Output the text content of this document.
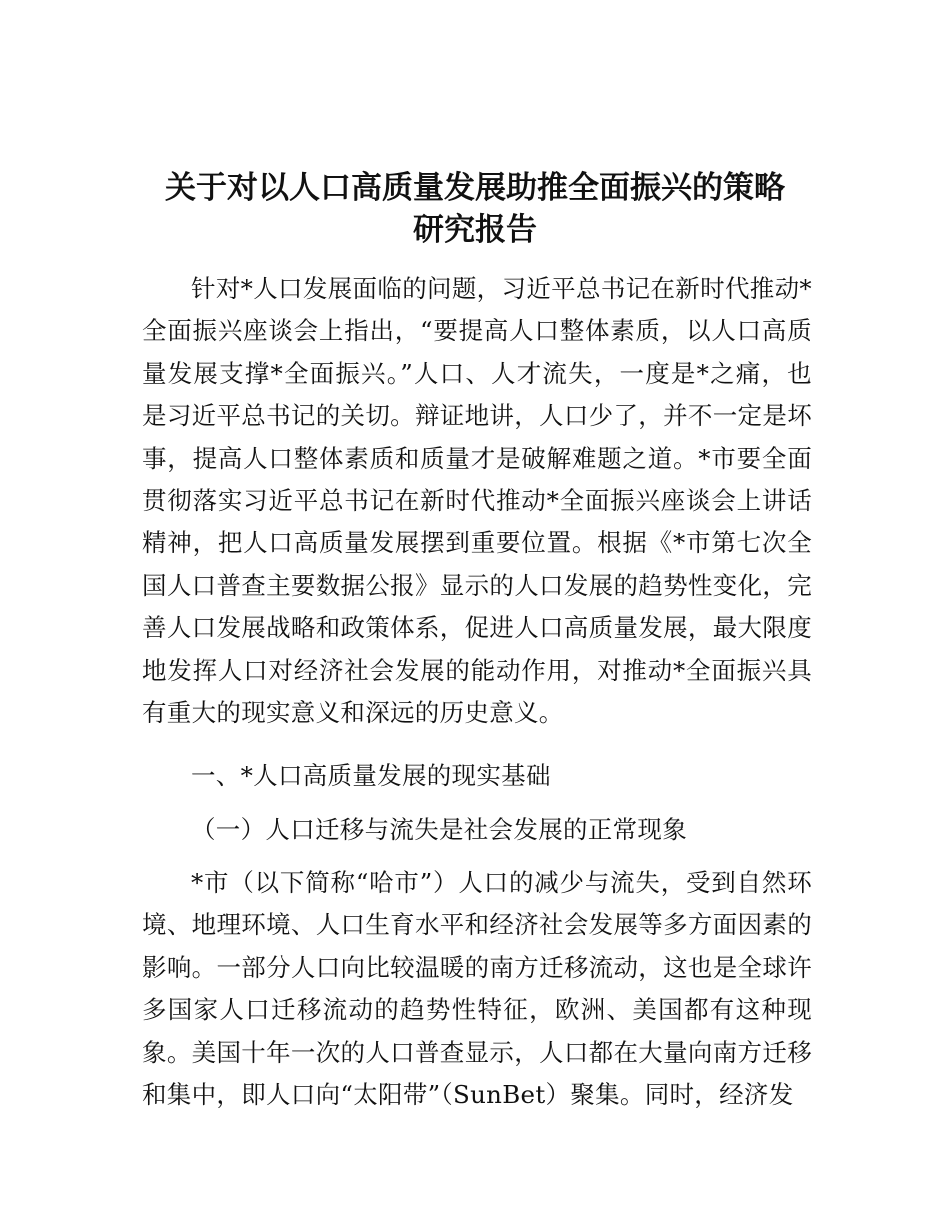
关于对以人口高质量发展助推全面振兴的策略
研究报告

针对*人口发展面临的问题，习近平总书记在新时代推动*全面振兴座谈会上指出，“要提高人口整体素质，以人口高质量发展支撑*全面振兴。”人口、人才流失，一度是*之痛，也是习近平总书记的关切。辩证地讲，人口少了，并不一定是坏事，提高人口整体素质和质量才是破解难题之道。*市要全面贯彻落实习近平总书记在新时代推动*全面振兴座谈会上讲话精神，把人口高质量发展摆到重要位置。根据《*市第七次全国人口普查主要数据公报》显示的人口发展的趋势性变化，完善人口发展战略和政策体系，促进人口高质量发展，最大限度地发挥人口对经济社会发展的能动作用，对推动*全面振兴具有重大的现实意义和深远的历史意义。

一、*人口高质量发展的现实基础

（一）人口迁移与流失是社会发展的正常现象

*市（以下简称“哈市”）人口的减少与流失，受到自然环境、地理环境、人口生育水平和经济社会发展等多方面因素的影响。一部分人口向比较温暖的南方迁移流动，这也是全球许多国家人口迁移流动的趋势性特征，欧洲、美国都有这种现象。美国十年一次的人口普查显示，人口都在大量向南方迁移和集中，即人口向“太阳带”（SunBet）聚集。同时，经济发
